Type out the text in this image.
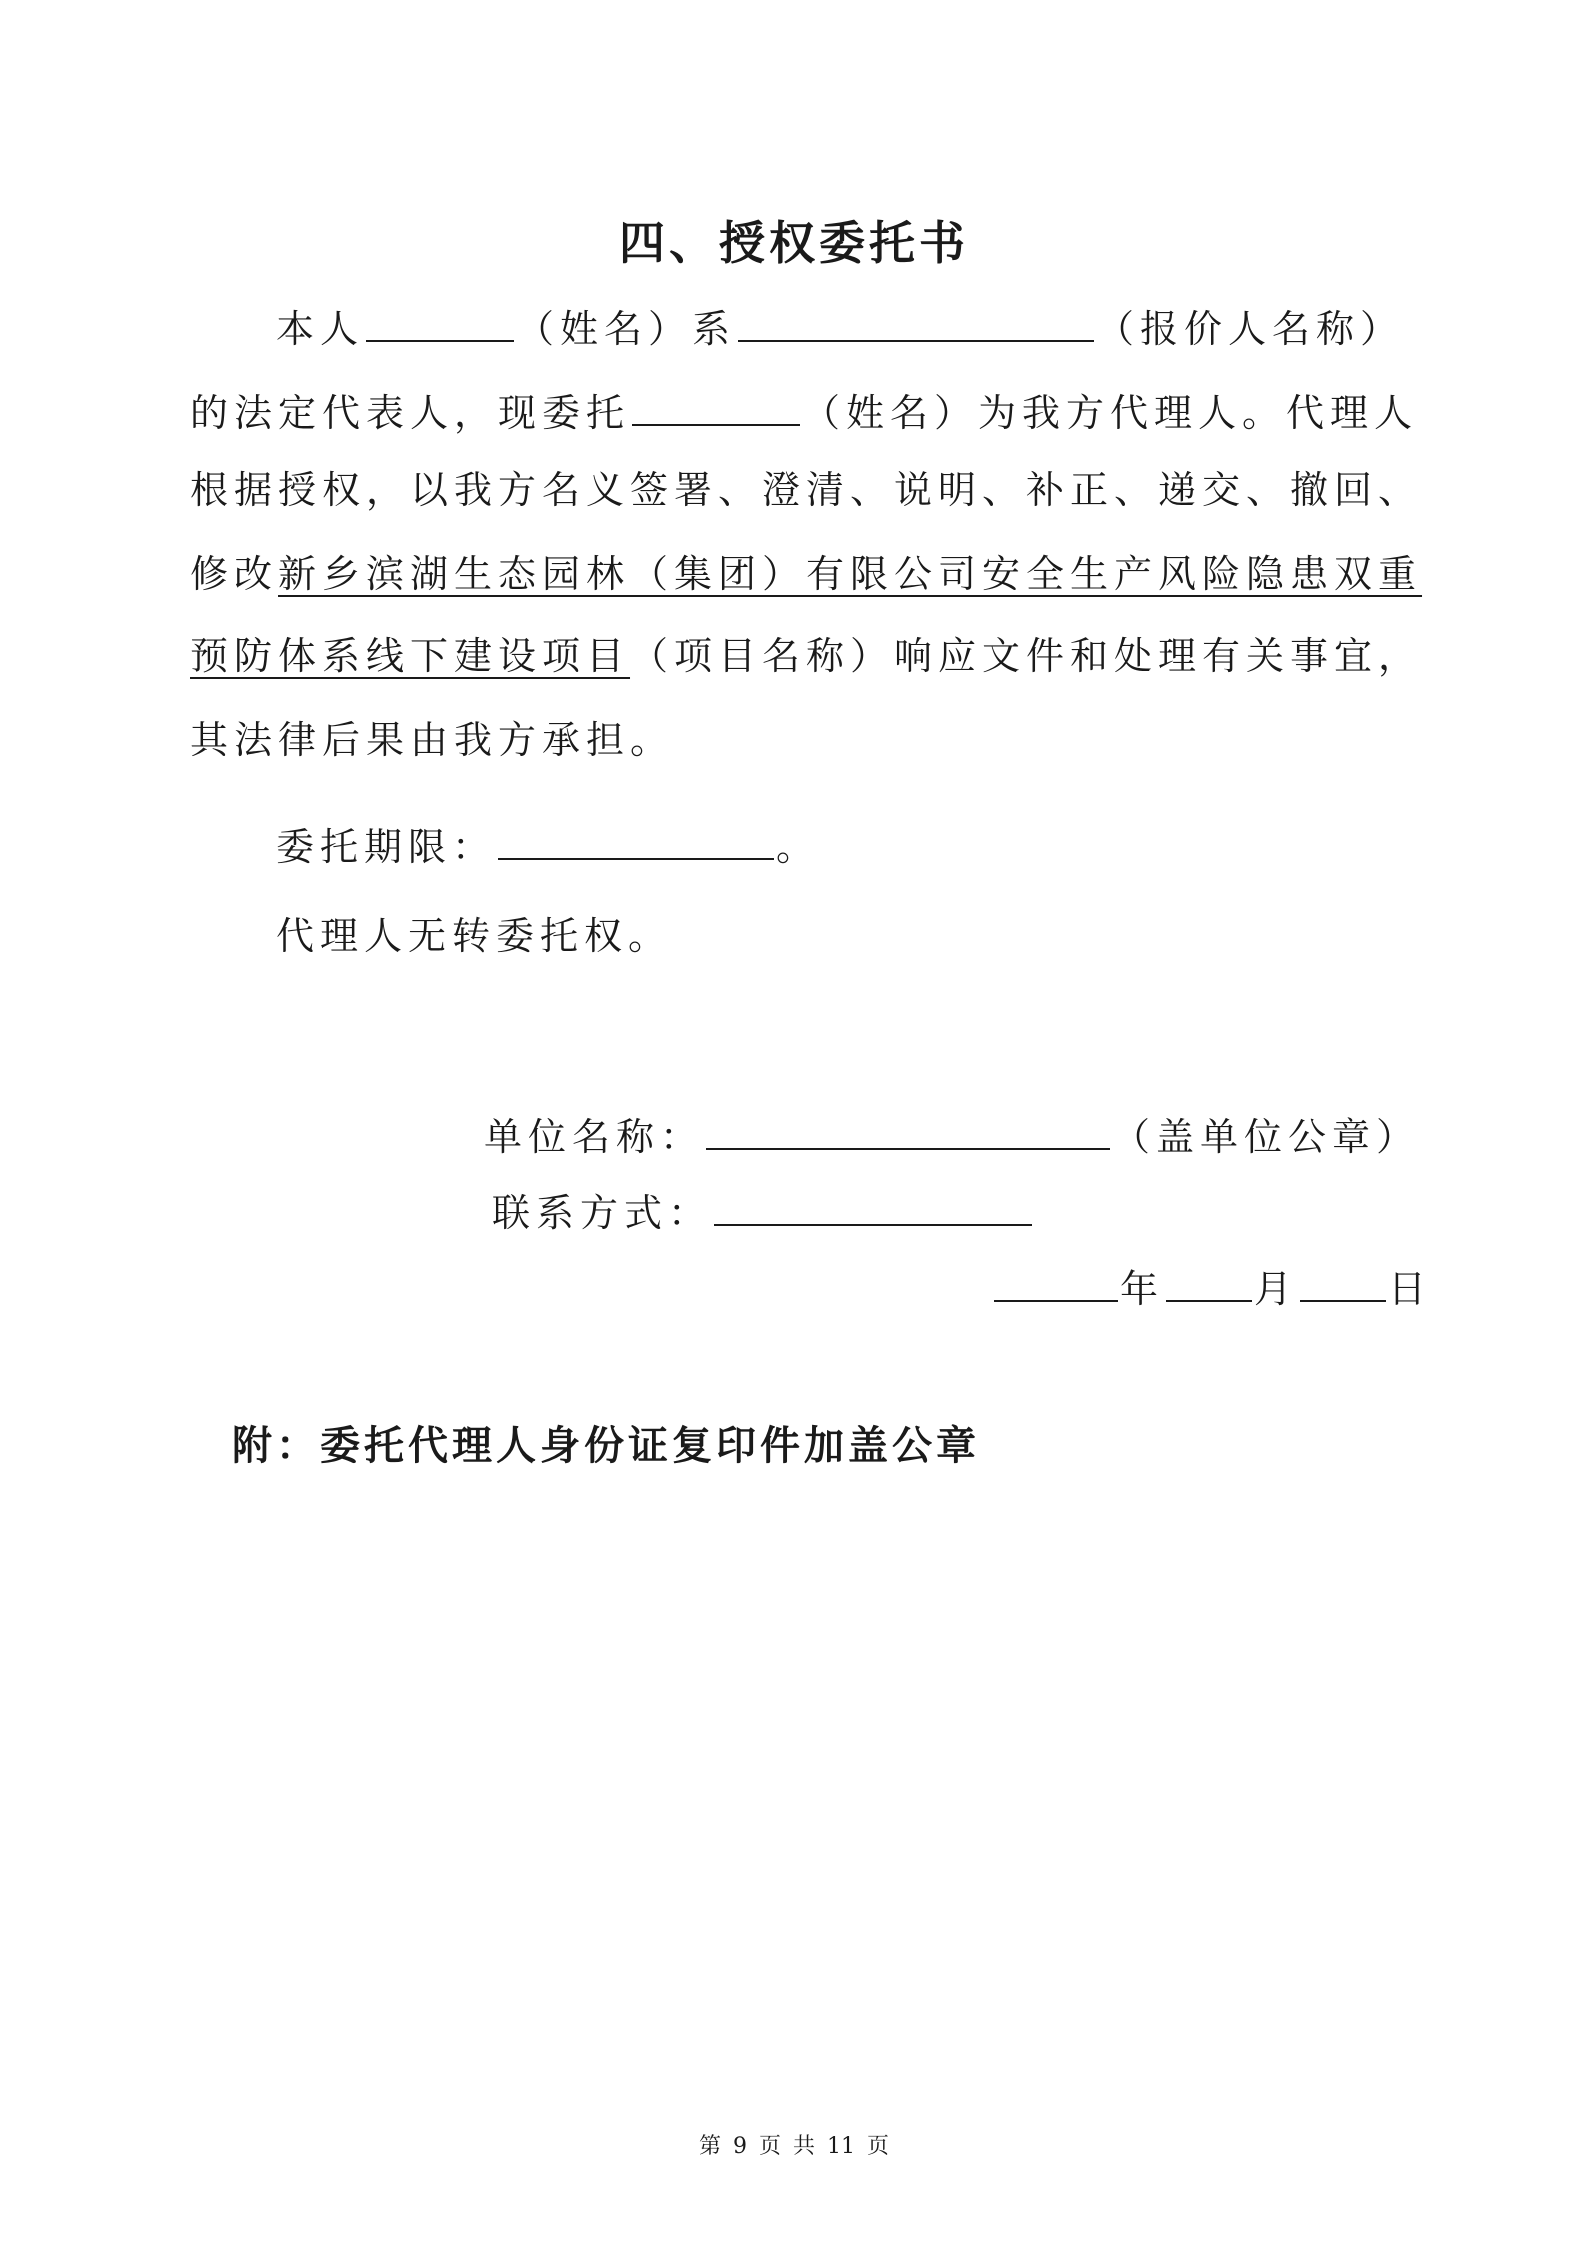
四、授权委托书
本人	（姓名）系	（报价人名称）
的法定代表人，现委托	（姓名）为我方代理人。代理人
根据授权，以我方名义签署、澄清、说明、补正、递交、撤回、
修改新乡滨湖生态园林（集团）有限公司安全生产风险隐患双重
预防体系线下建设项目（项目名称）响应文件和处理有关事宜，
其法律后果由我方承担。
委托期限：	。
代理人无转委托权。
单位名称：	（盖单位公章）
联系方式：
年 月 日
附：委托代理人身份证复印件加盖公章
第 9 页 共 11 页
